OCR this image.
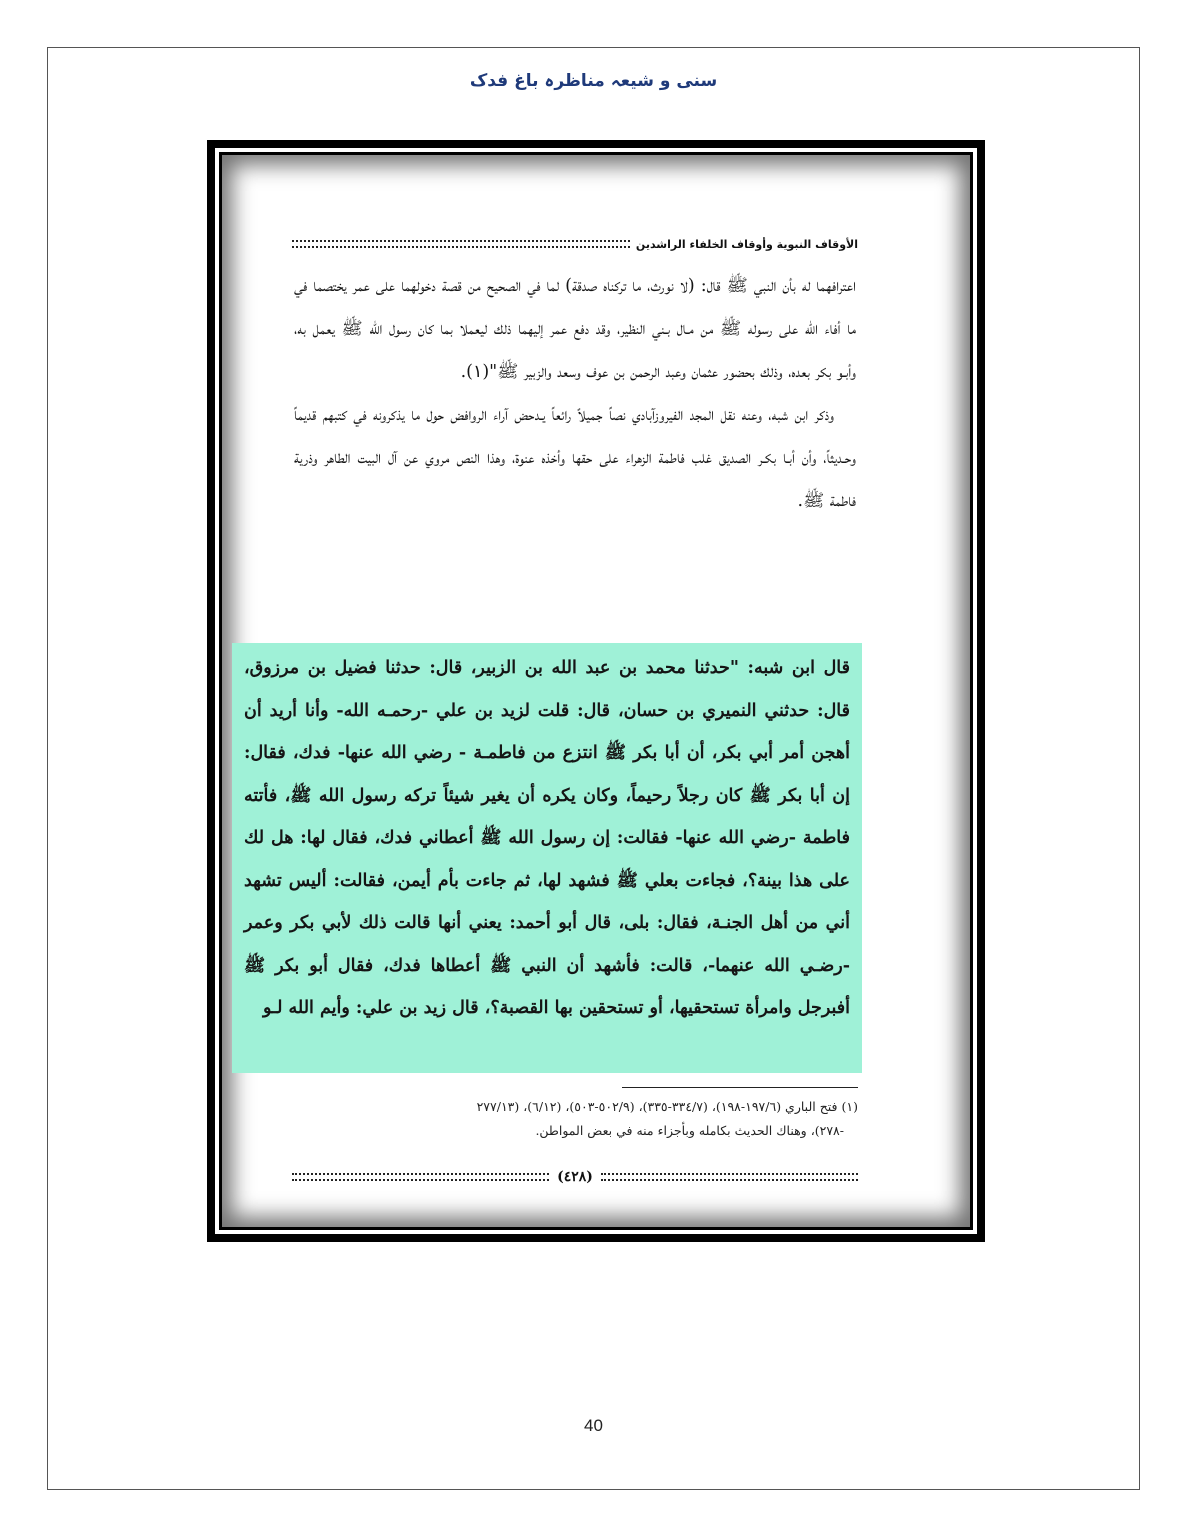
سنی و شیعہ مناظرہ باغ فدک
الأوقاف النبوية وأوقاف الخلفاء الراشدين

اعترافهما له بأن النبي ﷺ قال: (لا نورث، ما تركناه صدقة) لما في الصحيح من قصة دخولهما على عمر يختصما في ما أفاء الله على رسوله ﷺ من مـال بـني النظير، وقد دفع عمر إليهما ذلك ليعملا بما كان رسول الله ﷺ يعمل به، وأبـو بكر بعده، وذلك بحضور عثمان وعبد الرحمن بن عوف وسعد والزبير ﷺ"(١).

وذكر ابن شبه، وعنه نقل المجد الفيروزآبادي نصاً جميلاً رائعاً يـدحض آراء الروافض حول ما يذكرونه في كتبهم قديماً وحـديثاً، وأن أبـا بكـر الصديق غلب فاطمة الزهراء على حقها وأخذه عنوة، وهذا النص مروي عن آل البيت الطاهر وذرية فاطمة ﷺ.

قال ابن شبه: "حدثنا محمد بن عبد الله بن الزبير، قال: حدثنا فضيل بن مرزوق، قال: حدثني النميري بن حسان، قال: قلت لزيد بن علي -رحمـه الله- وأنا أريد أن أهجن أمر أبي بكر، أن أبا بكر ﷺ انتزع من فاطمـة - رضي الله عنها- فدك، فقال: إن أبا بكر ﷺ كان رجلاً رحيماً، وكان يكره أن يغير شيئاً تركه رسول الله ﷺ، فأتته فاطمة -رضي الله عنها- فقالت: إن رسول الله ﷺ أعطاني فدك، فقال لها: هل لك على هذا بينة؟، فجاءت بعلي ﷺ فشهد لها، ثم جاءت بأم أيمن، فقالت: أليس تشهد أني من أهل الجنـة، فقال: بلى، قال أبو أحمد: يعني أنها قالت ذلك لأبي بكر وعمر -رضـي الله عنهما-، قالت: فأشهد أن النبي ﷺ أعطاها فدك، فقال أبو بكر ﷺ أفبرجل وامرأة تستحقيها، أو تستحقين بها القصبة؟، قال زيد بن علي: وأيم الله لـو

(١) فتح الباري (١٩٧/٦-١٩٨)، (٣٣٤/٧-٣٣٥)، (٥٠٢/٩-٥٠٣)، (٦/١٢)، (٢٧٧/١٣

-٢٧٨)، وهناك الحديث بكامله وبأجزاء منه في بعض المواطن.

(٤٢٨)
40
